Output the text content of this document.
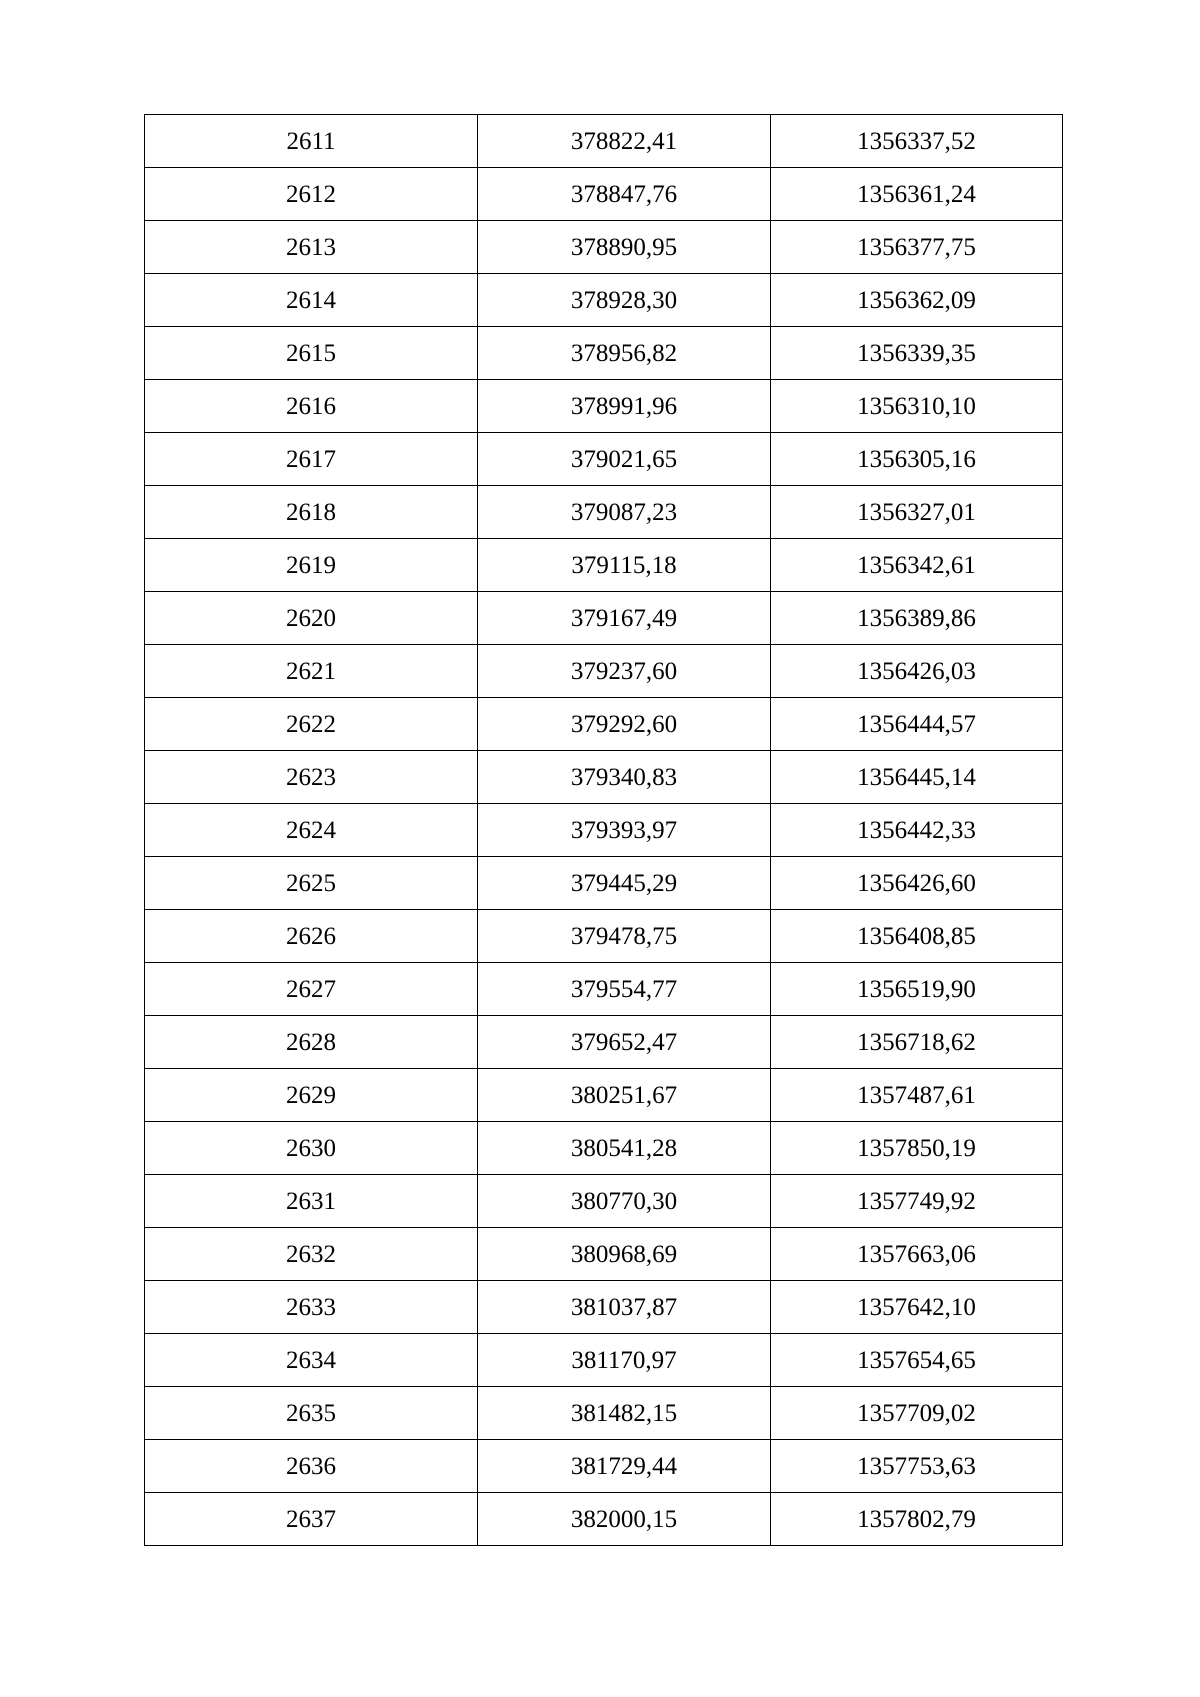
2611	378822,41	1356337,52
2612	378847,76	1356361,24
2613	378890,95	1356377,75
2614	378928,30	1356362,09
2615	378956,82	1356339,35
2616	378991,96	1356310,10
2617	379021,65	1356305,16
2618	379087,23	1356327,01
2619	379115,18	1356342,61
2620	379167,49	1356389,86
2621	379237,60	1356426,03
2622	379292,60	1356444,57
2623	379340,83	1356445,14
2624	379393,97	1356442,33
2625	379445,29	1356426,60
2626	379478,75	1356408,85
2627	379554,77	1356519,90
2628	379652,47	1356718,62
2629	380251,67	1357487,61
2630	380541,28	1357850,19
2631	380770,30	1357749,92
2632	380968,69	1357663,06
2633	381037,87	1357642,10
2634	381170,97	1357654,65
2635	381482,15	1357709,02
2636	381729,44	1357753,63
2637	382000,15	1357802,79
